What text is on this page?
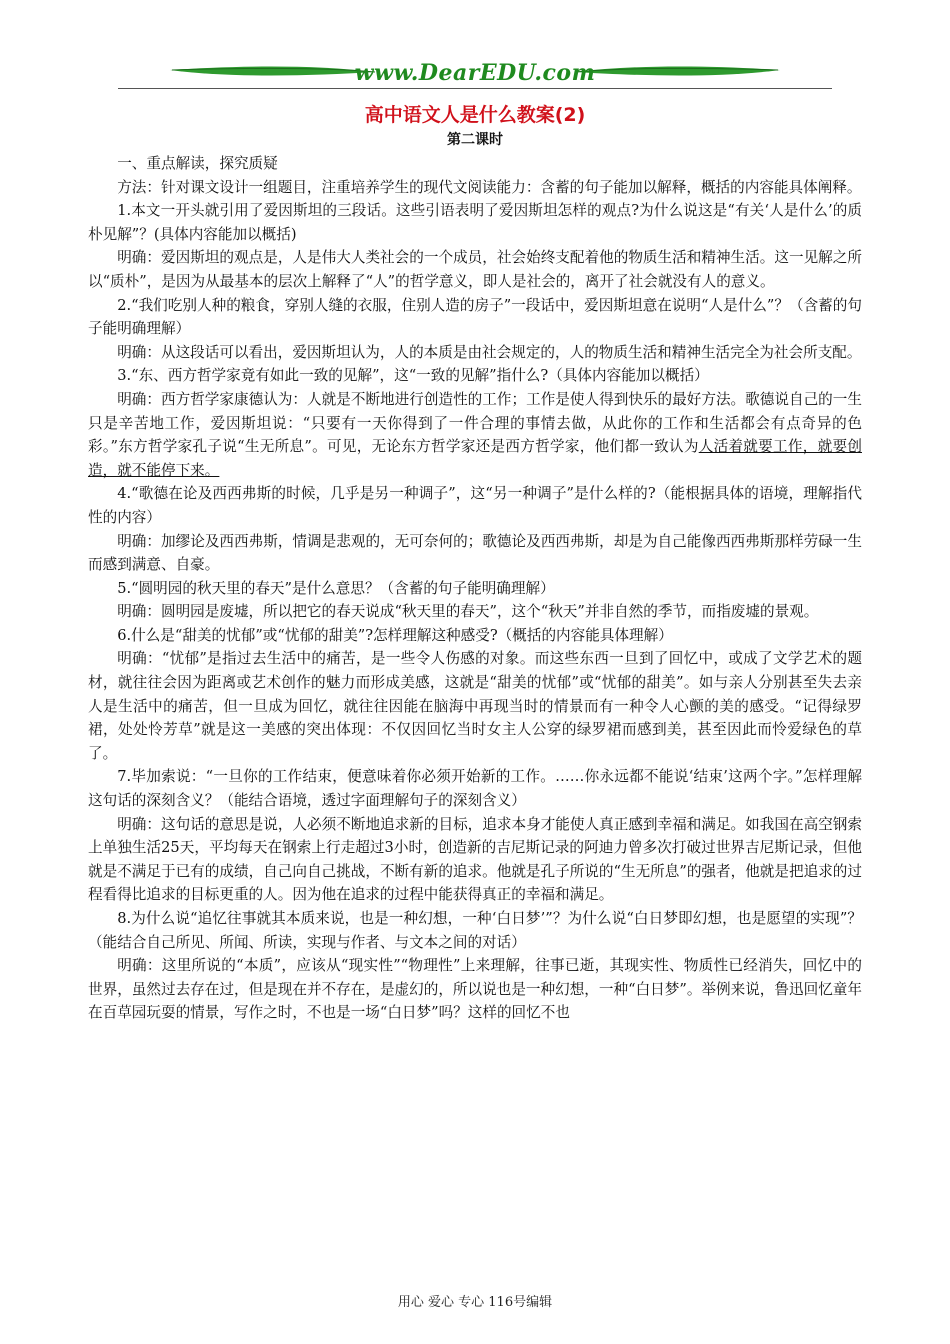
www.DearEDU.com
高中语文人是什么教案(2)
第二课时

一、重点解读，探究质疑

方法：针对课文设计一组题目，注重培养学生的现代文阅读能力：含蓄的句子能加以解释，概括的内容能具体阐释。

1.本文一开头就引用了爱因斯坦的三段话。这些引语表明了爱因斯坦怎样的观点?为什么说这是“有关‘人是什么’的质朴见解”？(具体内容能加以概括)

明确：爱因斯坦的观点是，人是伟大人类社会的一个成员，社会始终支配着他的物质生活和精神生活。这一见解之所以“质朴”，是因为从最基本的层次上解释了“人”的哲学意义，即人是社会的，离开了社会就没有人的意义。

2.“我们吃别人种的粮食，穿别人缝的衣服，住别人造的房子”一段话中，爱因斯坦意在说明“人是什么”？（含蓄的句子能明确理解）

明确：从这段话可以看出，爱因斯坦认为，人的本质是由社会规定的，人的物质生活和精神生活完全为社会所支配。

3.“东、西方哲学家竟有如此一致的见解”，这“一致的见解”指什么?（具体内容能加以概括）

明确：西方哲学家康德认为：人就是不断地进行创造性的工作；工作是使人得到快乐的最好方法。歌德说自己的一生只是辛苦地工作，爱因斯坦说：“只要有一天你得到了一件合理的事情去做，从此你的工作和生活都会有点奇异的色彩。”东方哲学家孔子说“生无所息”。可见，无论东方哲学家还是西方哲学家，他们都一致认为人活着就要工作，就要创造，就不能停下来。

4.“歌德在论及西西弗斯的时候，几乎是另一种调子”，这“另一种调子”是什么样的?（能根据具体的语境，理解指代性的内容）

明确：加缪论及西西弗斯，情调是悲观的，无可奈何的；歌德论及西西弗斯，却是为自己能像西西弗斯那样劳碌一生而感到满意、自豪。

5.“圆明园的秋天里的春天”是什么意思？（含蓄的句子能明确理解）

明确：圆明园是废墟，所以把它的春天说成“秋天里的春天”，这个“秋天”并非自然的季节，而指废墟的景观。

6.什么是“甜美的忧郁”或“忧郁的甜美”?怎样理解这种感受?（概括的内容能具体理解）

明确：“忧郁”是指过去生活中的痛苦，是一些令人伤感的对象。而这些东西一旦到了回忆中，或成了文学艺术的题材，就往往会因为距离或艺术创作的魅力而形成美感，这就是“甜美的忧郁”或“忧郁的甜美”。如与亲人分别甚至失去亲人是生活中的痛苦，但一旦成为回忆，就往往因能在脑海中再现当时的情景而有一种令人心颤的美的感受。“记得绿罗裙，处处怜芳草”就是这一美感的突出体现：不仅因回忆当时女主人公穿的绿罗裙而感到美，甚至因此而怜爱绿色的草了。

7.毕加索说：“一旦你的工作结束，便意味着你必须开始新的工作。……你永远都不能说‘结束’这两个字。”怎样理解这句话的深刻含义？（能结合语境，透过字面理解句子的深刻含义）

明确：这句话的意思是说，人必须不断地追求新的目标，追求本身才能使人真正感到幸福和满足。如我国在高空钢索上单独生活25天，平均每天在钢索上行走超过3小时，创造新的吉尼斯记录的阿迪力曾多次打破过世界吉尼斯记录，但他就是不满足于已有的成绩，自己向自己挑战，不断有新的追求。他就是孔子所说的“生无所息”的强者，他就是把追求的过程看得比追求的目标更重的人。因为他在追求的过程中能获得真正的幸福和满足。

8.为什么说“追忆往事就其本质来说，也是一种幻想，一种‘白日梦’”？为什么说“白日梦即幻想，也是愿望的实现”？（能结合自己所见、所闻、所读，实现与作者、与文本之间的对话）

明确：这里所说的“本质”，应该从“现实性”“物理性”上来理解，往事已逝，其现实性、物质性已经消失，回忆中的世界，虽然过去存在过，但是现在并不存在，是虚幻的，所以说也是一种幻想，一种“白日梦”。举例来说，鲁迅回忆童年在百草园玩耍的情景，写作之时，不也是一场“白日梦”吗？这样的回忆不也

用心 爱心 专心 116号编辑
